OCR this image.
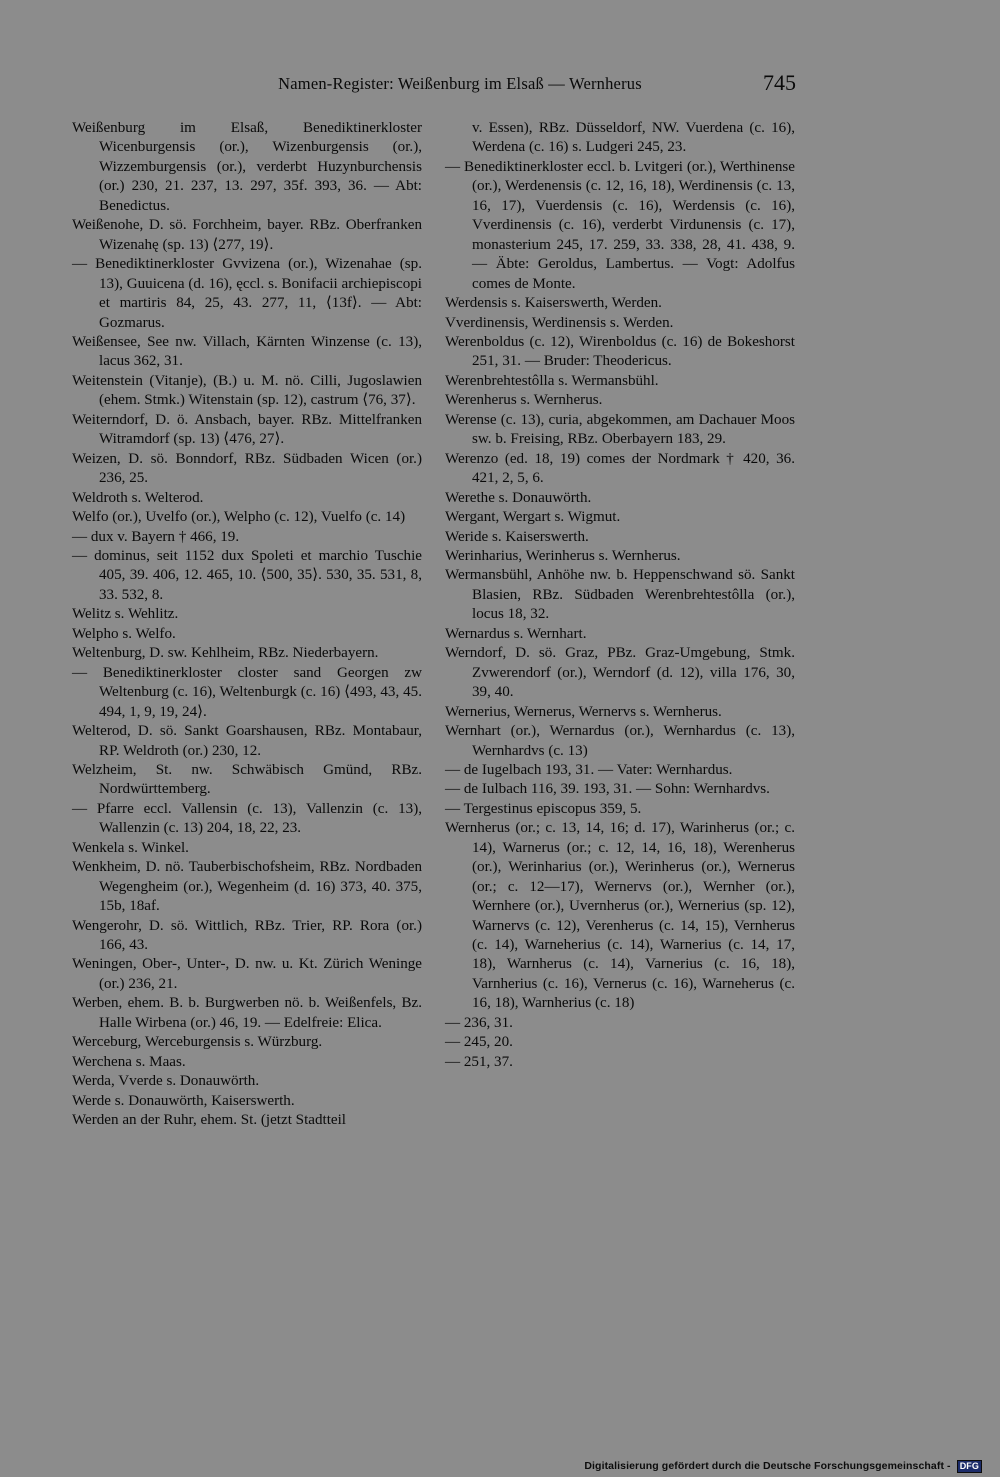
Namen-Register: Weißenburg im Elsaß — Wernherus	745

Weißenburg im Elsaß, Benediktinerkloster Wicenburgensis (or.), Wizenburgensis (or.), Wizzemburgensis (or.), verderbt Huzynburchensis (or.) 230, 21. 237, 13. 297, 35f. 393, 36. — Abt: Benedictus.

Weißenohe, D. sö. Forchheim, bayer. RBz. Oberfranken Wizenahę (sp. 13) ⟨277, 19⟩.

— Benediktinerkloster Gvvizena (or.), Wizenahae (sp. 13), Guuicena (d. 16), ęccl. s. Bonifacii archiepiscopi et martiris 84, 25, 43. 277, 11, ⟨13f⟩. — Abt: Gozmarus.

Weißensee, See nw. Villach, Kärnten Winzense (c. 13), lacus 362, 31.

Weitenstein (Vitanje), (B.) u. M. nö. Cilli, Jugoslawien (ehem. Stmk.) Witenstain (sp. 12), castrum ⟨76, 37⟩.

Weiterndorf, D. ö. Ansbach, bayer. RBz. Mittelfranken Witramdorf (sp. 13) ⟨476, 27⟩.

Weizen, D. sö. Bonndorf, RBz. Südbaden Wicen (or.) 236, 25.

Weldroth s. Welterod.

Welfo (or.), Uvelfo (or.), Welpho (c. 12), Vuelfo (c. 14)

— dux v. Bayern † 466, 19.

— dominus, seit 1152 dux Spoleti et marchio Tuschie 405, 39. 406, 12. 465, 10. ⟨500, 35⟩. 530, 35. 531, 8, 33. 532, 8.

Welitz s. Wehlitz.

Welpho s. Welfo.

Weltenburg, D. sw. Kehlheim, RBz. Niederbayern.

— Benediktinerkloster closter sand Georgen zw Weltenburg (c. 16), Weltenburgk (c. 16) ⟨493, 43, 45. 494, 1, 9, 19, 24⟩.

Welterod, D. sö. Sankt Goarshausen, RBz. Montabaur, RP. Weldroth (or.) 230, 12.

Welzheim, St. nw. Schwäbisch Gmünd, RBz. Nordwürttemberg.

— Pfarre eccl. Vallensin (c. 13), Vallenzin (c. 13), Wallenzin (c. 13) 204, 18, 22, 23.

Wenkela s. Winkel.

Wenkheim, D. nö. Tauberbischofsheim, RBz. Nordbaden Wegengheim (or.), Wegenheim (d. 16) 373, 40. 375, 15b, 18af.

Wengerohr, D. sö. Wittlich, RBz. Trier, RP. Rora (or.) 166, 43.

Weningen, Ober-, Unter-, D. nw. u. Kt. Zürich Weninge (or.) 236, 21.

Werben, ehem. B. b. Burgwerben nö. b. Weißenfels, Bz. Halle Wirbena (or.) 46, 19. — Edelfreie: Elica.

Werceburg, Werceburgensis s. Würzburg.

Werchena s. Maas.

Werda, Vverde s. Donauwörth.

Werde s. Donauwörth, Kaiserswerth.

Werden an der Ruhr, ehem. St. (jetzt Stadtteil

v. Essen), RBz. Düsseldorf, NW. Vuerdena (c. 16), Werdena (c. 16) s. Ludgeri 245, 23.

— Benediktinerkloster eccl. b. Lvitgeri (or.), Werthinense (or.), Werdenensis (c. 12, 16, 18), Werdinensis (c. 13, 16, 17), Vuerdensis (c. 16), Werdensis (c. 16), Vverdinensis (c. 16), verderbt Virdunensis (c. 17), monasterium 245, 17. 259, 33. 338, 28, 41. 438, 9. — Äbte: Geroldus, Lambertus. — Vogt: Adolfus comes de Monte.

Werdensis s. Kaiserswerth, Werden.

Vverdinensis, Werdinensis s. Werden.

Werenboldus (c. 12), Wirenboldus (c. 16) de Bokeshorst 251, 31. — Bruder: Theodericus.

Werenbrehtestôlla s. Wermansbühl.

Werenherus s. Wernherus.

Werense (c. 13), curia, abgekommen, am Dachauer Moos sw. b. Freising, RBz. Oberbayern 183, 29.

Werenzo (ed. 18, 19) comes der Nordmark † 420, 36. 421, 2, 5, 6.

Werethe s. Donauwörth.

Wergant, Wergart s. Wigmut.

Weride s. Kaiserswerth.

Werinharius, Werinherus s. Wernherus.

Wermansbühl, Anhöhe nw. b. Heppenschwand sö. Sankt Blasien, RBz. Südbaden Werenbrehtestôlla (or.), locus 18, 32.

Wernardus s. Wernhart.

Werndorf, D. sö. Graz, PBz. Graz-Umgebung, Stmk. Zvwerendorf (or.), Werndorf (d. 12), villa 176, 30, 39, 40.

Wernerius, Wernerus, Wernervs s. Wernherus.

Wernhart (or.), Wernardus (or.), Wernhardus (c. 13), Wernhardvs (c. 13)

— de Iugelbach 193, 31. — Vater: Wernhardus.

— de Iulbach 116, 39. 193, 31. — Sohn: Wernhardvs.

— Tergestinus episcopus 359, 5.

Wernherus (or.; c. 13, 14, 16; d. 17), Warinherus (or.; c. 14), Warnerus (or.; c. 12, 14, 16, 18), Werenherus (or.), Werinharius (or.), Werinherus (or.), Wernerus (or.; c. 12—17), Wernervs (or.), Wernher (or.), Wernhere (or.), Uvernherus (or.), Wernerius (sp. 12), Warnervs (c. 12), Verenherus (c. 14, 15), Vernherus (c. 14), Warneherius (c. 14), Warnerius (c. 14, 17, 18), Warnherus (c. 14), Varnerius (c. 16, 18), Varnherius (c. 16), Vernerus (c. 16), Warneherus (c. 16, 18), Warnherius (c. 18)

— 236, 31.

— 245, 20.

— 251, 37.

Digitalisierung gefördert durch die Deutsche Forschungsgemeinschaft - DFG
